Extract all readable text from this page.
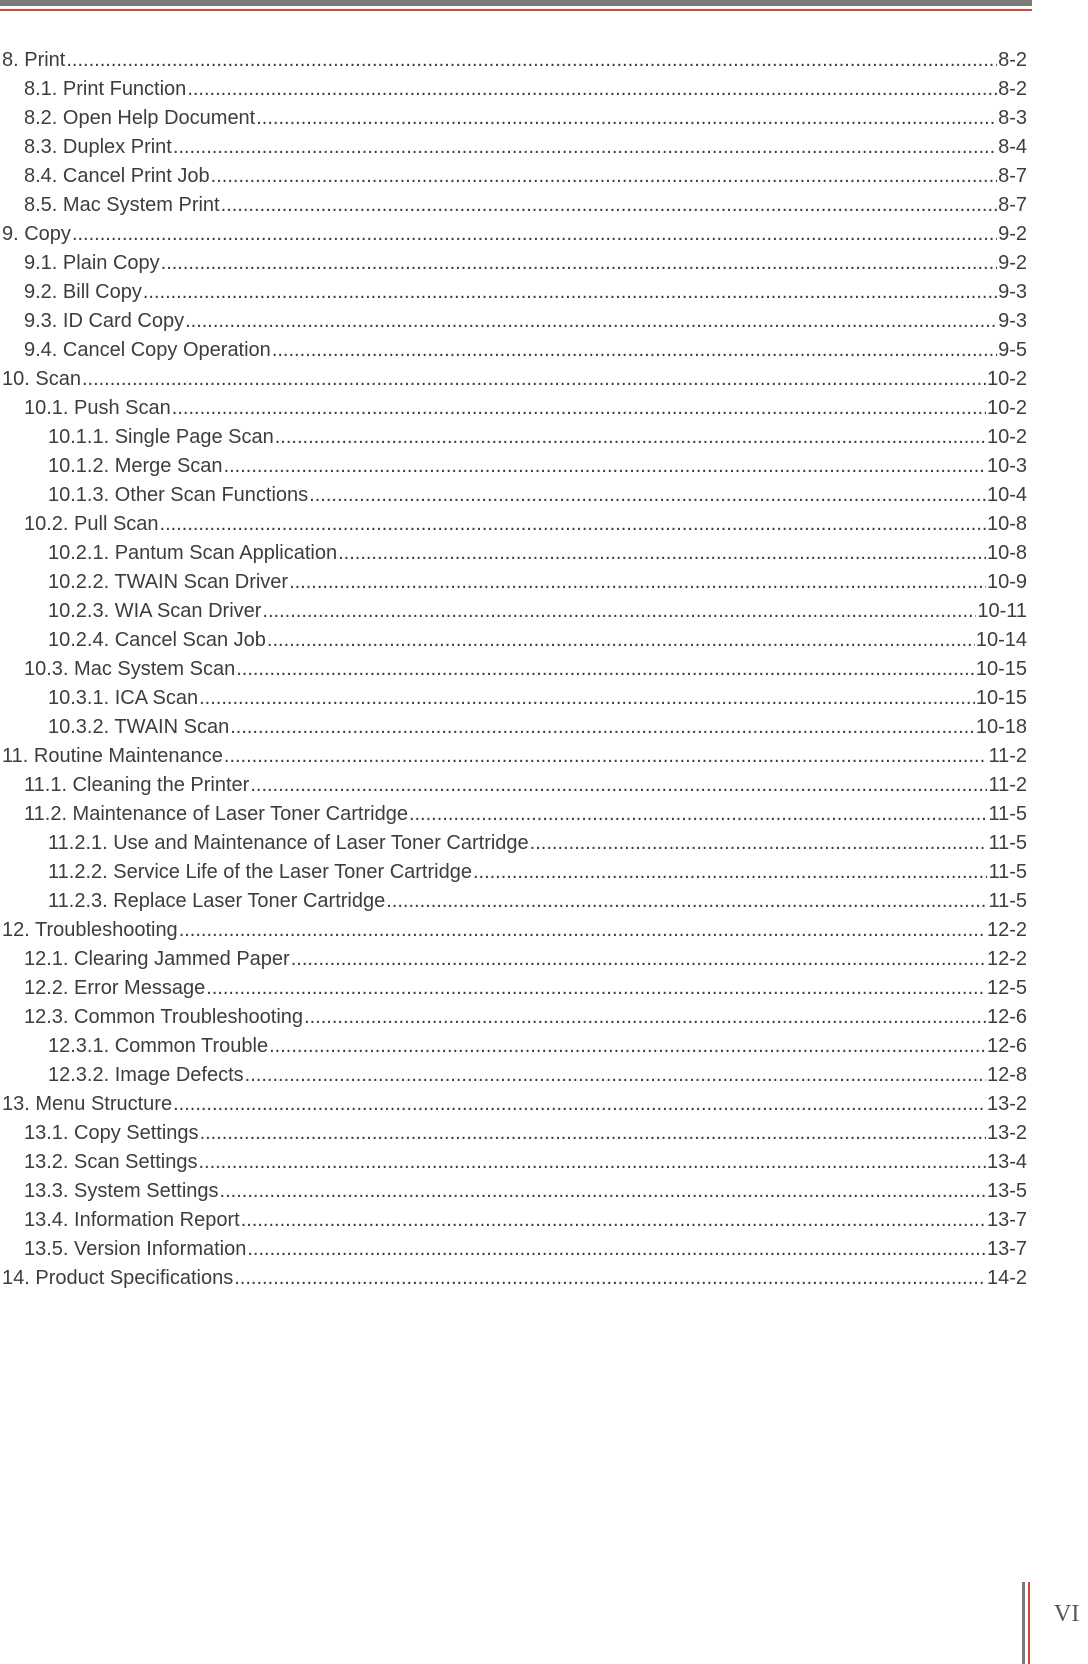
8. Print .....	8-2
8.1. Print Function .....	8-2
8.2. Open Help Document .....	8-3
8.3. Duplex Print .....	8-4
8.4. Cancel Print Job .....	8-7
8.5. Mac System Print .....	8-7
9. Copy .....	9-2
9.1. Plain Copy .....	9-2
9.2. Bill Copy .....	9-3
9.3. ID Card Copy .....	9-3
9.4. Cancel Copy Operation .....	9-5
10. Scan .....	10-2
10.1. Push Scan .....	10-2
10.1.1. Single Page Scan .....	10-2
10.1.2. Merge Scan .....	10-3
10.1.3. Other Scan Functions .....	10-4
10.2. Pull Scan .....	10-8
10.2.1. Pantum Scan Application .....	10-8
10.2.2. TWAIN Scan Driver .....	10-9
10.2.3. WIA Scan Driver .....	10-11
10.2.4. Cancel Scan Job .....	10-14
10.3. Mac System Scan .....	10-15
10.3.1. ICA Scan .....	10-15
10.3.2. TWAIN Scan .....	10-18
11. Routine Maintenance .....	11-2
11.1. Cleaning the Printer .....	11-2
11.2. Maintenance of Laser Toner Cartridge .....	11-5
11.2.1. Use and Maintenance of Laser Toner Cartridge .....	11-5
11.2.2. Service Life of the Laser Toner Cartridge .....	11-5
11.2.3. Replace Laser Toner Cartridge .....	11-5
12. Troubleshooting .....	12-2
12.1. Clearing Jammed Paper .....	12-2
12.2. Error Message .....	12-5
12.3. Common Troubleshooting .....	12-6
12.3.1. Common Trouble .....	12-6
12.3.2. Image Defects .....	12-8
13. Menu Structure .....	13-2
13.1. Copy Settings .....	13-2
13.2. Scan Settings .....	13-4
13.3. System Settings .....	13-5
13.4. Information Report .....	13-7
13.5. Version Information .....	13-7
14. Product Specifications .....	14-2
VI
